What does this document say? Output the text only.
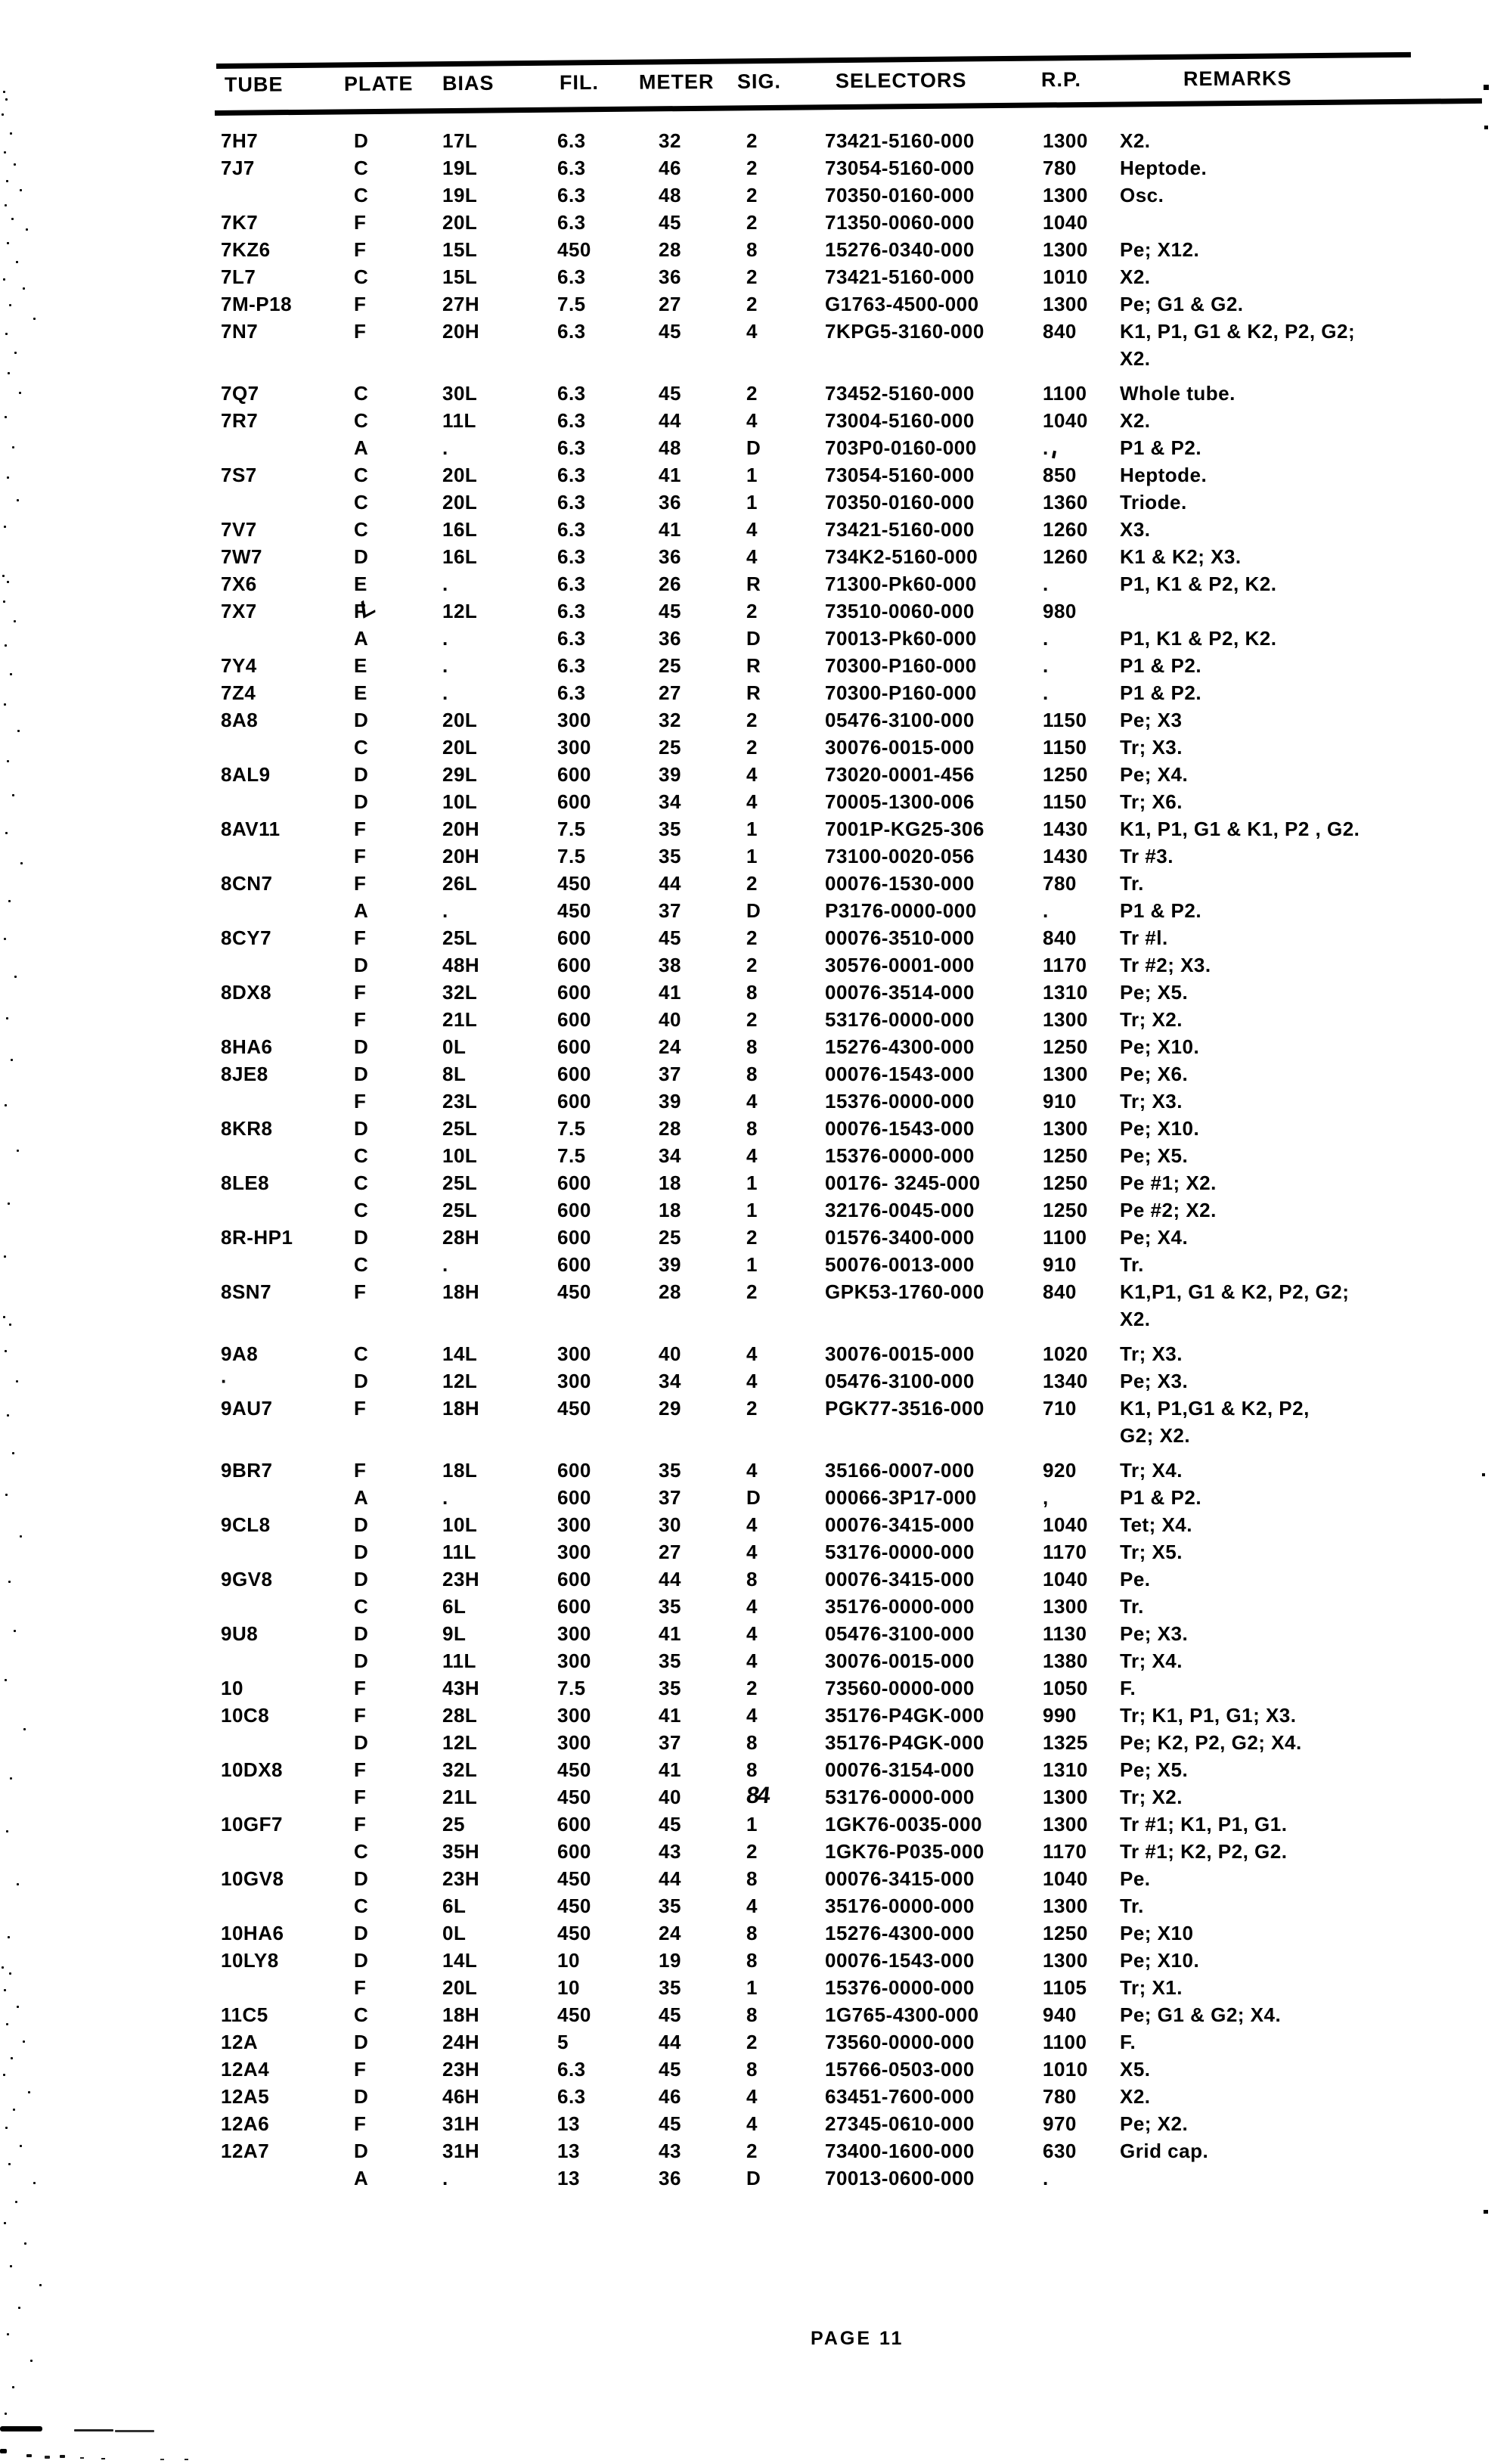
TUBE	PLATE	BIAS	FIL.	METER	SIG.	SELECTORS	R.P.	REMARKS
7H7	D	17L	6.3	32	2	73421-5160-000	1300	X2.
7J7	C	19L	6.3	46	2	73054-5160-000	780	Heptode.
C	19L	6.3	48	2	70350-0160-000	1300	Osc.
7K7	F	20L	6.3	45	2	71350-0060-000	1040
7KZ6	F	15L	450	28	8	15276-0340-000	1300	Pe; X12.
7L7	C	15L	6.3	36	2	73421-5160-000	1010	X2.
7M-P18	F	27H	7.5	27	2	G1763-4500-000	1300	Pe; G1 & G2.
7N7	F	20H	6.3	45	4	7KPG5-3160-000	840	K1, P1, G1 & K2, P2, G2;
X2.
7Q7	C	30L	6.3	45	2	73452-5160-000	1100	Whole tube.
7R7	C	11L	6.3	44	4	73004-5160-000	1040	X2.
A	.	6.3	48	D	703P0-0160-000	.	P1 & P2.
7S7	C	20L	6.3	41	1	73054-5160-000	850	Heptode.
C	20L	6.3	36	1	70350-0160-000	1360	Triode.
7V7	C	16L	6.3	41	4	73421-5160-000	1260	X3.
7W7	D	16L	6.3	36	4	734K2-5160-000	1260	K1 & K2; X3.
7X6	E	.	6.3	26	R	71300-Pk60-000	.	P1, K1 & P2, K2.
7X7	F	12L	6.3	45	2	73510-0060-000	980
A	.	6.3	36	D	70013-Pk60-000	.	P1, K1 & P2, K2.
7Y4	E	.	6.3	25	R	70300-P160-000	.	P1 & P2.
7Z4	E	.	6.3	27	R	70300-P160-000	.	P1 & P2.
8A8	D	20L	300	32	2	05476-3100-000	1150	Pe; X3
C	20L	300	25	2	30076-0015-000	1150	Tr; X3.
8AL9	D	29L	600	39	4	73020-0001-456	1250	Pe; X4.
D	10L	600	34	4	70005-1300-006	1150	Tr; X6.
8AV11	F	20H	7.5	35	1	7001P-KG25-306	1430	K1, P1, G1 & K1, P2 , G2.
F	20H	7.5	35	1	73100-0020-056	1430	Tr #3.
8CN7	F	26L	450	44	2	00076-1530-000	780	Tr.
A	.	450	37	D	P3176-0000-000	.	P1 & P2.
8CY7	F	25L	600	45	2	00076-3510-000	840	Tr #l.
D	48H	600	38	2	30576-0001-000	1170	Tr #2; X3.
8DX8	F	32L	600	41	8	00076-3514-000	1310	Pe; X5.
F	21L	600	40	2	53176-0000-000	1300	Tr; X2.
8HA6	D	0L	600	24	8	15276-4300-000	1250	Pe; X10.
8JE8	D	8L	600	37	8	00076-1543-000	1300	Pe; X6.
F	23L	600	39	4	15376-0000-000	910	Tr; X3.
8KR8	D	25L	7.5	28	8	00076-1543-000	1300	Pe; X10.
C	10L	7.5	34	4	15376-0000-000	1250	Pe; X5.
8LE8	C	25L	600	18	1	00176- 3245-000	1250	Pe #1; X2.
C	25L	600	18	1	32176-0045-000	1250	Pe #2; X2.
8R-HP1	D	28H	600	25	2	01576-3400-000	1100	Pe; X4.
C	.	600	39	1	50076-0013-000	910	Tr.
8SN7	F	18H	450	28	2	GPK53-1760-000	840	K1,P1, G1 & K2, P2, G2;
X2.
9A8	C	14L	300	40	4	30076-0015-000	1020	Tr; X3.
·	D	12L	300	34	4	05476-3100-000	1340	Pe; X3.
9AU7	F	18H	450	29	2	PGK77-3516-000	710	K1, P1,G1 & K2, P2,
G2; X2.
9BR7	F	18L	600	35	4	35166-0007-000	920	Tr; X4.
A	.	600	37	D	00066-3P17-000	,	P1 & P2.
9CL8	D	10L	300	30	4	00076-3415-000	1040	Tet; X4.
D	11L	300	27	4	53176-0000-000	1170	Tr; X5.
9GV8	D	23H	600	44	8	00076-3415-000	1040	Pe.
C	6L	600	35	4	35176-0000-000	1300	Tr.
9U8	D	9L	300	41	4	05476-3100-000	1130	Pe; X3.
D	11L	300	35	4	30076-0015-000	1380	Tr; X4.
10	F	43H	7.5	35	2	73560-0000-000	1050	F.
10C8	F	28L	300	41	4	35176-P4GK-000	990	Tr; K1, P1, G1; X3.
D	12L	300	37	8	35176-P4GK-000	1325	Pe; K2, P2, G2; X4.
10DX8	F	32L	450	41	8	00076-3154-000	1310	Pe; X5.
F	21L	450	40	84	53176-0000-000	1300	Tr; X2.
10GF7	F	25	600	45	1	1GK76-0035-000	1300	Tr #1; K1, P1, G1.
C	35H	600	43	2	1GK76-P035-000	1170	Tr #1; K2, P2, G2.
10GV8	D	23H	450	44	8	00076-3415-000	1040	Pe.
C	6L	450	35	4	35176-0000-000	1300	Tr.
10HA6	D	0L	450	24	8	15276-4300-000	1250	Pe; X10
10LY8	D	14L	10	19	8	00076-1543-000	1300	Pe; X10.
F	20L	10	35	1	15376-0000-000	1105	Tr; X1.
11C5	C	18H	450	45	8	1G765-4300-000	940	Pe; G1 & G2; X4.
12A	D	24H	5	44	2	73560-0000-000	1100	F.
12A4	F	23H	6.3	45	8	15766-0503-000	1010	X5.
12A5	D	46H	6.3	46	4	63451-7600-000	780	X2.
12A6	F	31H	13	45	4	27345-0610-000	970	Pe; X2.
12A7	D	31H	13	43	2	73400-1600-000	630	Grid cap.
A	.	13	36	D	70013-0600-000	.
PAGE 11
